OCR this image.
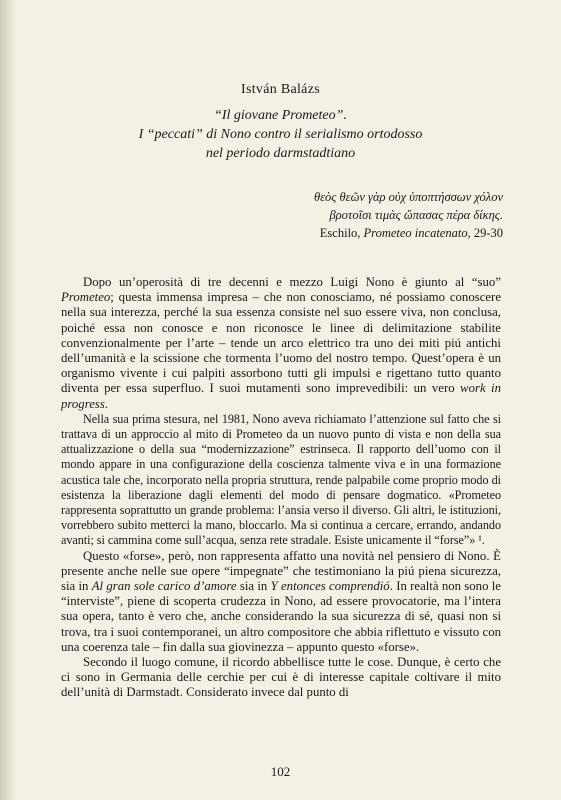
István Balázs
“Il giovane Prometeo”.
I “peccati” di Nono contro il serialismo ortodosso
nel periodo darmstadtiano
θεὸς θεῶν γὰρ οὐχ ὑποπτήσσων χόλον
βροτοῖσι τιμὰς ὤπασας πέρα δίκης.
Eschilo, Prometeo incatenato, 29-30

Dopo un’operosità di tre decenni e mezzo Luigi Nono è giunto al “suo” Prometeo; questa immensa impresa – che non conosciamo, né possiamo conoscere nella sua interezza, perché la sua essenza consiste nel suo essere viva, non conclusa, poiché essa non conosce e non riconosce le linee di delimitazione stabilite convenzionalmente per l’arte – tende un arco elettrico tra uno dei miti piú antichi dell’umanità e la scissione che tormenta l’uomo del nostro tempo. Quest’opera è un organismo vivente i cui palpiti assorbono tutti gli impulsi e rigettano tutto quanto diventa per essa superfluo. I suoi mutamenti sono imprevedibili: un vero work in progress.

Nella sua prima stesura, nel 1981, Nono aveva richiamato l’attenzione sul fatto che si trattava di un approccio al mito di Prometeo da un nuovo punto di vista e non della sua attualizzazione o della sua “modernizzazione” estrinseca. Il rapporto dell’uomo con il mondo appare in una configurazione della coscienza talmente viva e in una formazione acustica tale che, incorporato nella propria struttura, rende palpabile come proprio modo di esistenza la liberazione dagli elementi del modo di pensare dogmatico. «Prometeo rappresenta soprattutto un grande problema: l’ansia verso il diverso. Gli altri, le istituzioni, vorrebbero subito metterci la mano, bloccarlo. Ma si continua a cercare, errando, andando avanti; si cammina come sull’acqua, senza rete stradale. Esiste unicamente il “forse”» ¹.

Questo «forse», però, non rappresenta affatto una novità nel pensiero di Nono. È presente anche nelle sue opere “impegnate” che testimoniano la piú piena sicurezza, sia in Al gran sole carico d’amore sia in Y entonces comprendió. In realtà non sono le “interviste”, piene di scoperta crudezza in Nono, ad essere provocatorie, ma l’intera sua opera, tanto è vero che, anche considerando la sua sicurezza di sé, quasi non si trova, tra i suoi contemporanei, un altro compositore che abbia riflettuto e vissuto con una coerenza tale – fin dalla sua giovinezza – appunto questo «forse».

Secondo il luogo comune, il ricordo abbellisce tutte le cose. Dunque, è certo che ci sono in Germania delle cerchie per cui è di interesse capitale coltivare il mito dell’unità di Darmstadt. Considerato invece dal punto di

102
